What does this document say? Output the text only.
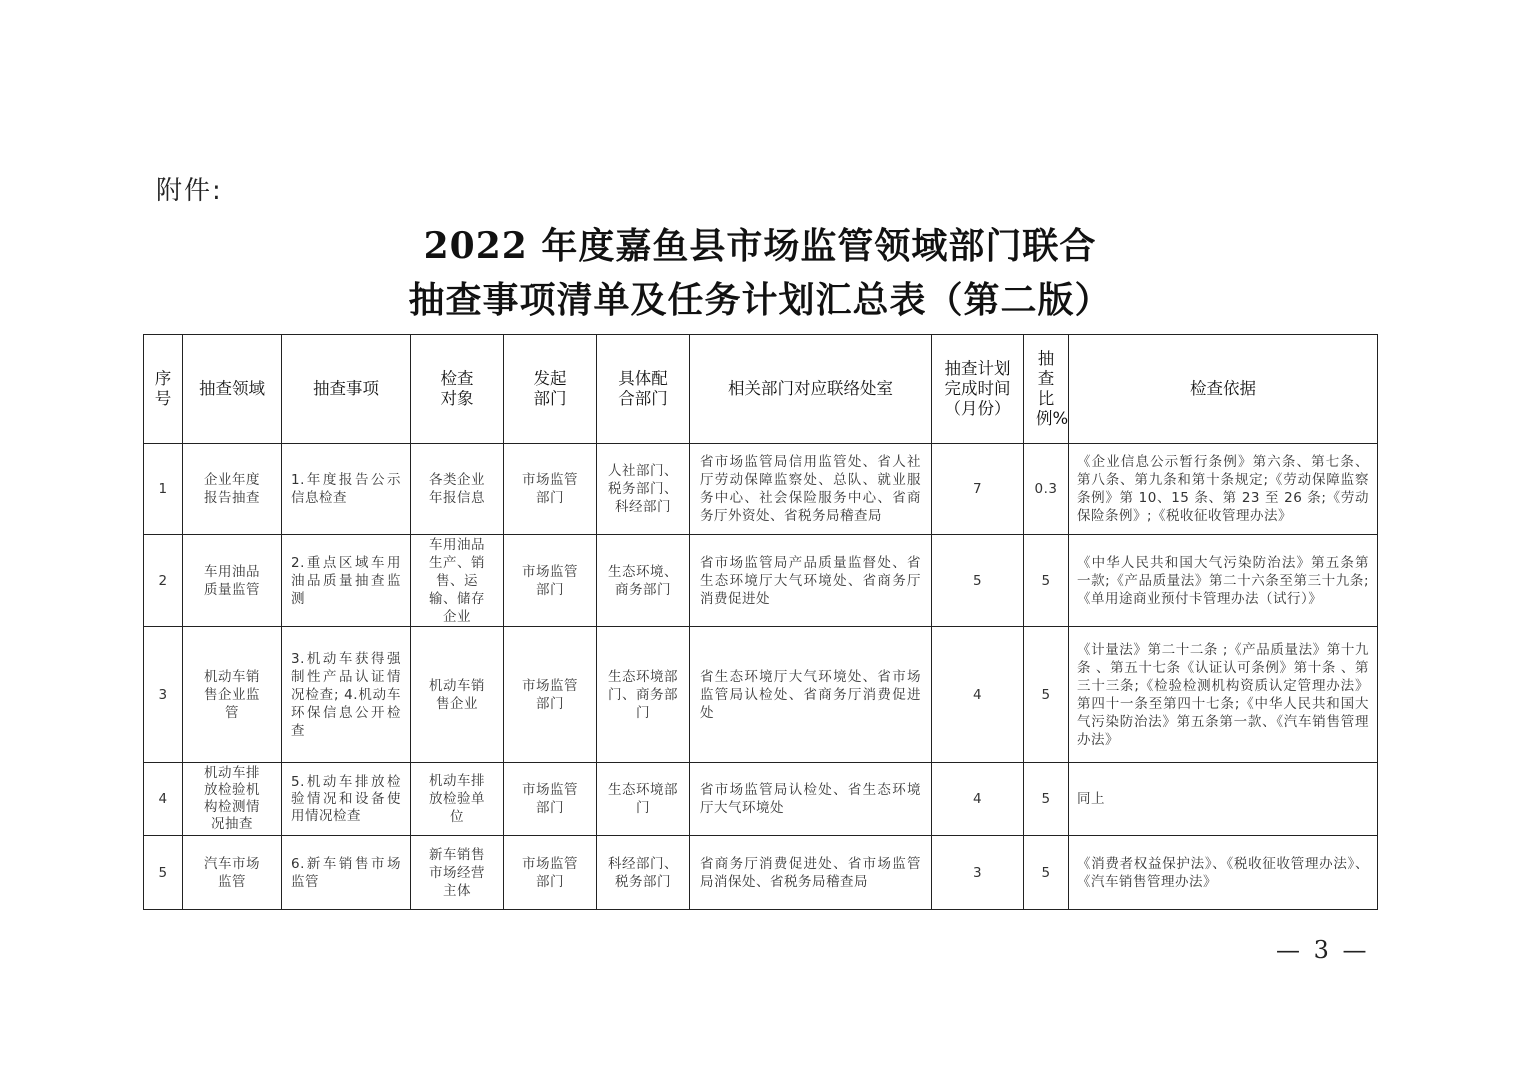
附件:
2022 年度嘉鱼县市场监管领域部门联合
抽查事项清单及任务计划汇总表（第二版）
序号	抽查领域	抽查事项	检查对象	发起部门	具体配合部门	相关部门对应联络处室	抽查计划完成时间（月份）	抽查比例%	检查依据
1	企业年度报告抽查	1.年度报告公示信息检查	各类企业年报信息	市场监管部门	人社部门、税务部门、科经部门	省市场监管局信用监管处、省人社厅劳动保障监察处、总队、就业服务中心、社会保险服务中心、省商务厅外资处、省税务局稽查局	7	0.3	《企业信息公示暂行条例》第六条、第七条、第八条、第九条和第十条规定;《劳动保障监察条例》第 10、15 条、第 23 至 26 条;《劳动保险条例》;《税收征收管理办法》
2	车用油品质量监管	2.重点区域车用油品质量抽查监测	车用油品生产、销售、运输、储存企业	市场监管部门	生态环境、商务部门	省市场监管局产品质量监督处、省生态环境厅大气环境处、省商务厅消费促进处	5	5	《中华人民共和国大气污染防治法》第五条第一款;《产品质量法》第二十六条至第三十九条;《单用途商业预付卡管理办法（试行）》
3	机动车销售企业监管	3.机动车获得强制性产品认证情况检查; 4.机动车环保信息公开检查	机动车销售企业	市场监管部门	生态环境部门、商务部门	省生态环境厅大气环境处、省市场监管局认检处、省商务厅消费促进处	4	5	《计量法》第二十二条 ;《产品质量法》第十九条 、第五十七条《认证认可条例》第十条 、第三十三条;《检验检测机构资质认定管理办法》第四十一条至第四十七条;《中华人民共和国大气污染防治法》第五条第一款、《汽车销售管理办法》
4	机动车排放检验机构检测情况抽查	5.机动车排放检验情况和设备使用情况检查	机动车排放检验单位	市场监管部门	生态环境部门	省市场监管局认检处、省生态环境厅大气环境处	4	5	同上
5	汽车市场监管	6.新车销售市场监管	新车销售市场经营主体	市场监管部门	科经部门、税务部门	省商务厅消费促进处、省市场监管局消保处、省税务局稽查局	3	5	《消费者权益保护法》、《税收征收管理办法》、《汽车销售管理办法》
— 3 —
